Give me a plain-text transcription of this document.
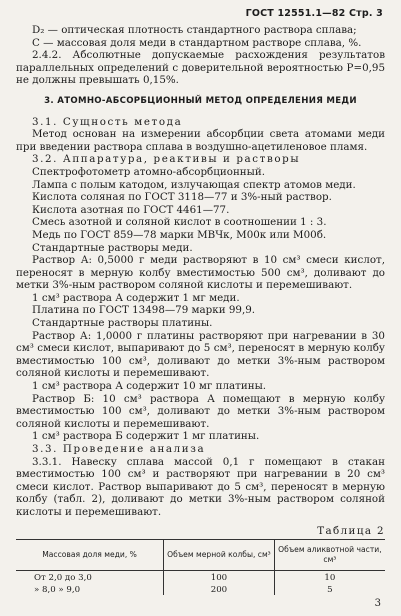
ГОСТ 12551.1—82 Стр. 3

D₂ — оптическая плотность стандартного раствора сплава;

C — массовая доля меди в стандартном растворе сплава, %.

2.4.2. Абсолютные допускаемые расхождения результатов параллельных определений с доверительной вероятностью P=0,95 не должны превышать 0,15%.

3. АТОМНО-АБСОРБЦИОННЫЙ МЕТОД ОПРЕДЕЛЕНИЯ МЕДИ

3.1. Сущность метода

Метод основан на измерении абсорбции света атомами меди при введении раствора сплава в воздушно-ацетиленовое пламя.

3.2. Аппаратура, реактивы и растворы

Спектрофотометр атомно-абсорбционный.

Лампа с полым катодом, излучающая спектр атомов меди.

Кислота соляная по ГОСТ 3118—77 и 3%-ный раствор.

Кислота азотная по ГОСТ 4461—77.

Смесь азотной и соляной кислот в соотношении 1 : 3.

Медь по ГОСТ 859—78 марки МВЧк, М00к или М00б.

Стандартные растворы меди.

Раствор А: 0,5000 г меди растворяют в 10 см³ смеси кислот, переносят в мерную колбу вместимостью 500 см³, доливают до метки 3%-ным раствором соляной кислоты и перемешивают.

1 см³ раствора А содержит 1 мг меди.

Платина по ГОСТ 13498—79 марки 99,9.

Стандартные растворы платины.

Раствор А: 1,0000 г платины растворяют при нагревании в 30 см³ смеси кислот, выпаривают до 5 см³, переносят в мерную колбу вместимостью 100 см³, доливают до метки 3%-ным раствором соляной кислоты и перемешивают.

1 см³ раствора А содержит 10 мг платины.

Раствор Б: 10 см³ раствора А помещают в мерную колбу вместимостью 100 см³, доливают до метки 3%-ным раствором соляной кислоты и перемешивают.

1 см³ раствора Б содержит 1 мг платины.

3.3. Проведение анализа

3.3.1. Навеску сплава массой 0,1 г помещают в стакан вместимостью 100 см³ и растворяют при нагревании в 20 см³ смеси кислот. Раствор выпаривают до 5 см³, переносят в мерную колбу (табл. 2), доливают до метки 3%-ным раствором соляной кислоты и перемешивают.

Таблица 2

Массовая доля меди, %	Объем мерной колбы, см³	Объем аликвотной части, см³
От 2,0 до 3,0	100	10
» 8,0 » 9,0	200	5
3
